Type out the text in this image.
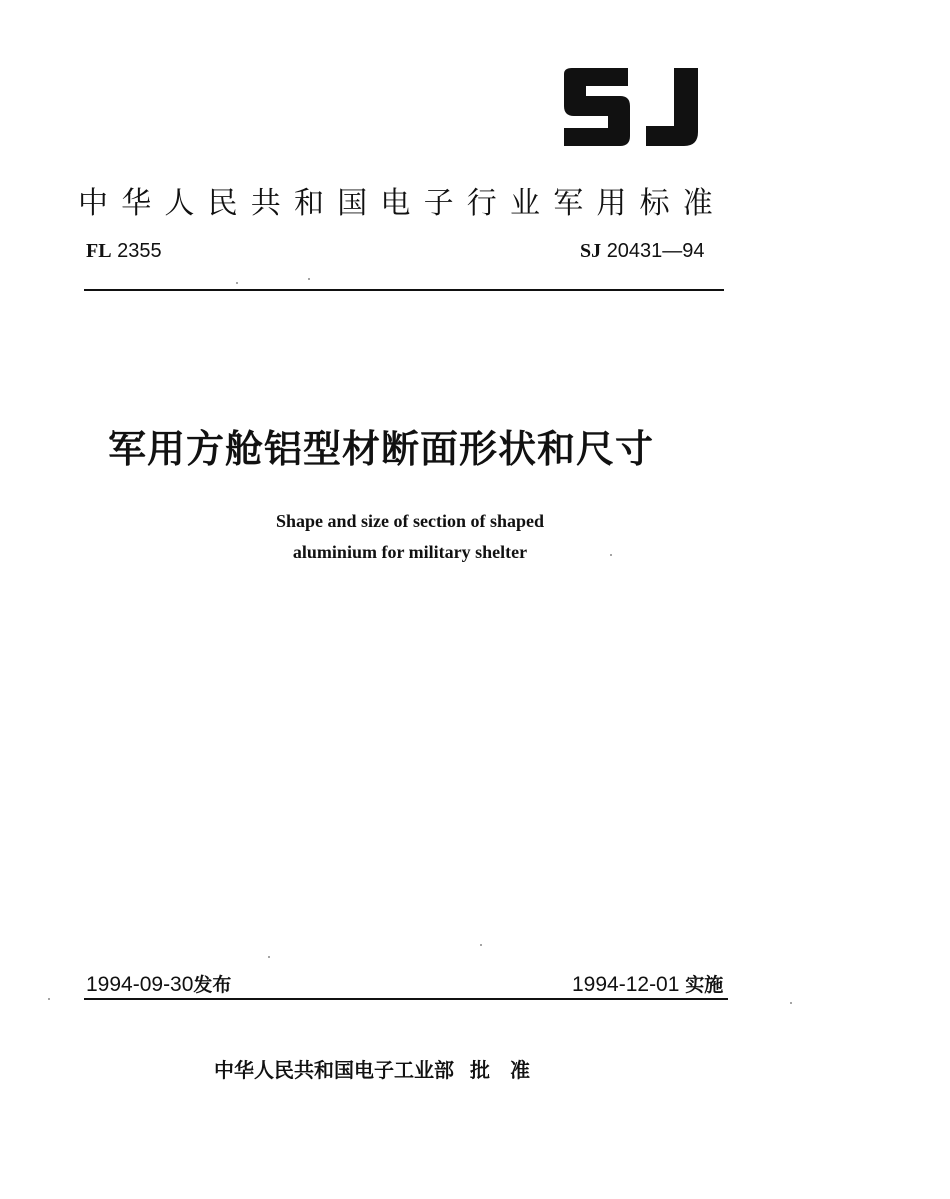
中华人民共和国电子行业军用标准
FL 2355	SJ 20431—94
军用方舱铝型材断面形状和尺寸
Shape and size of section of shaped
aluminium for military shelter
1994-09-30发布	1994-12-01 实施
中华人民共和国电子工业部 批准
